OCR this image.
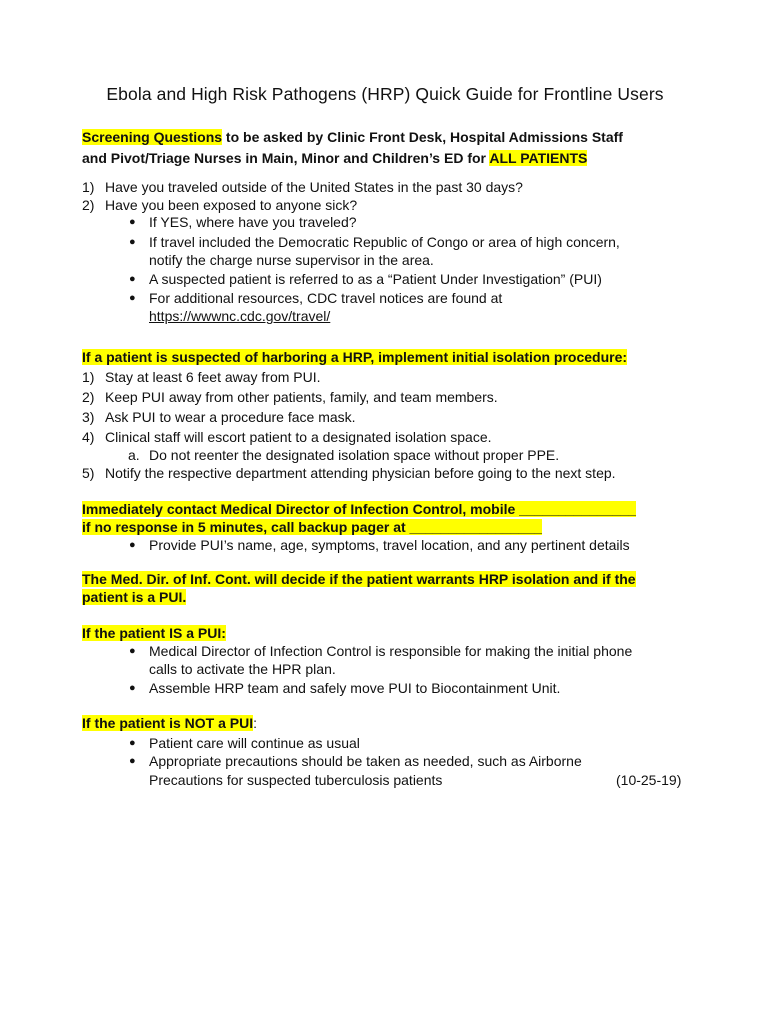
Ebola and High Risk Pathogens (HRP) Quick Guide for Frontline Users
Screening Questions to be asked by Clinic Front Desk, Hospital Admissions Staff
and Pivot/Triage Nurses in Main, Minor and Children’s ED for ALL PATIENTS
1) Have you traveled outside of the United States in the past 30 days?
2) Have you been exposed to anyone sick?
● If YES, where have you traveled?
● If travel included the Democratic Republic of Congo or area of high concern,
notify the charge nurse supervisor in the area.
● A suspected patient is referred to as a “Patient Under Investigation” (PUI)
● For additional resources, CDC travel notices are found at
https://wwwnc.cdc.gov/travel/
If a patient is suspected of harboring a HRP, implement initial isolation procedure:
1) Stay at least 6 feet away from PUI.
2) Keep PUI away from other patients, family, and team members.
3) Ask PUI to wear a procedure face mask.
4) Clinical staff will escort patient to a designated isolation space.
a. Do not reenter the designated isolation space without proper PPE.
5) Notify the respective department attending physician before going to the next step.
Immediately contact Medical Director of Infection Control, mobile _______________
if no response in 5 minutes, call backup pager at _________________
● Provide PUI’s name, age, symptoms, travel location, and any pertinent details
The Med. Dir. of Inf. Cont. will decide if the patient warrants HRP isolation and if the
patient is a PUI.
If the patient IS a PUI:
● Medical Director of Infection Control is responsible for making the initial phone
calls to activate the HPR plan.
● Assemble HRP team and safely move PUI to Biocontainment Unit.
If the patient is NOT a PUI:
● Patient care will continue as usual
● Appropriate precautions should be taken as needed, such as Airborne
Precautions for suspected tuberculosis patients	(10-25-19)
